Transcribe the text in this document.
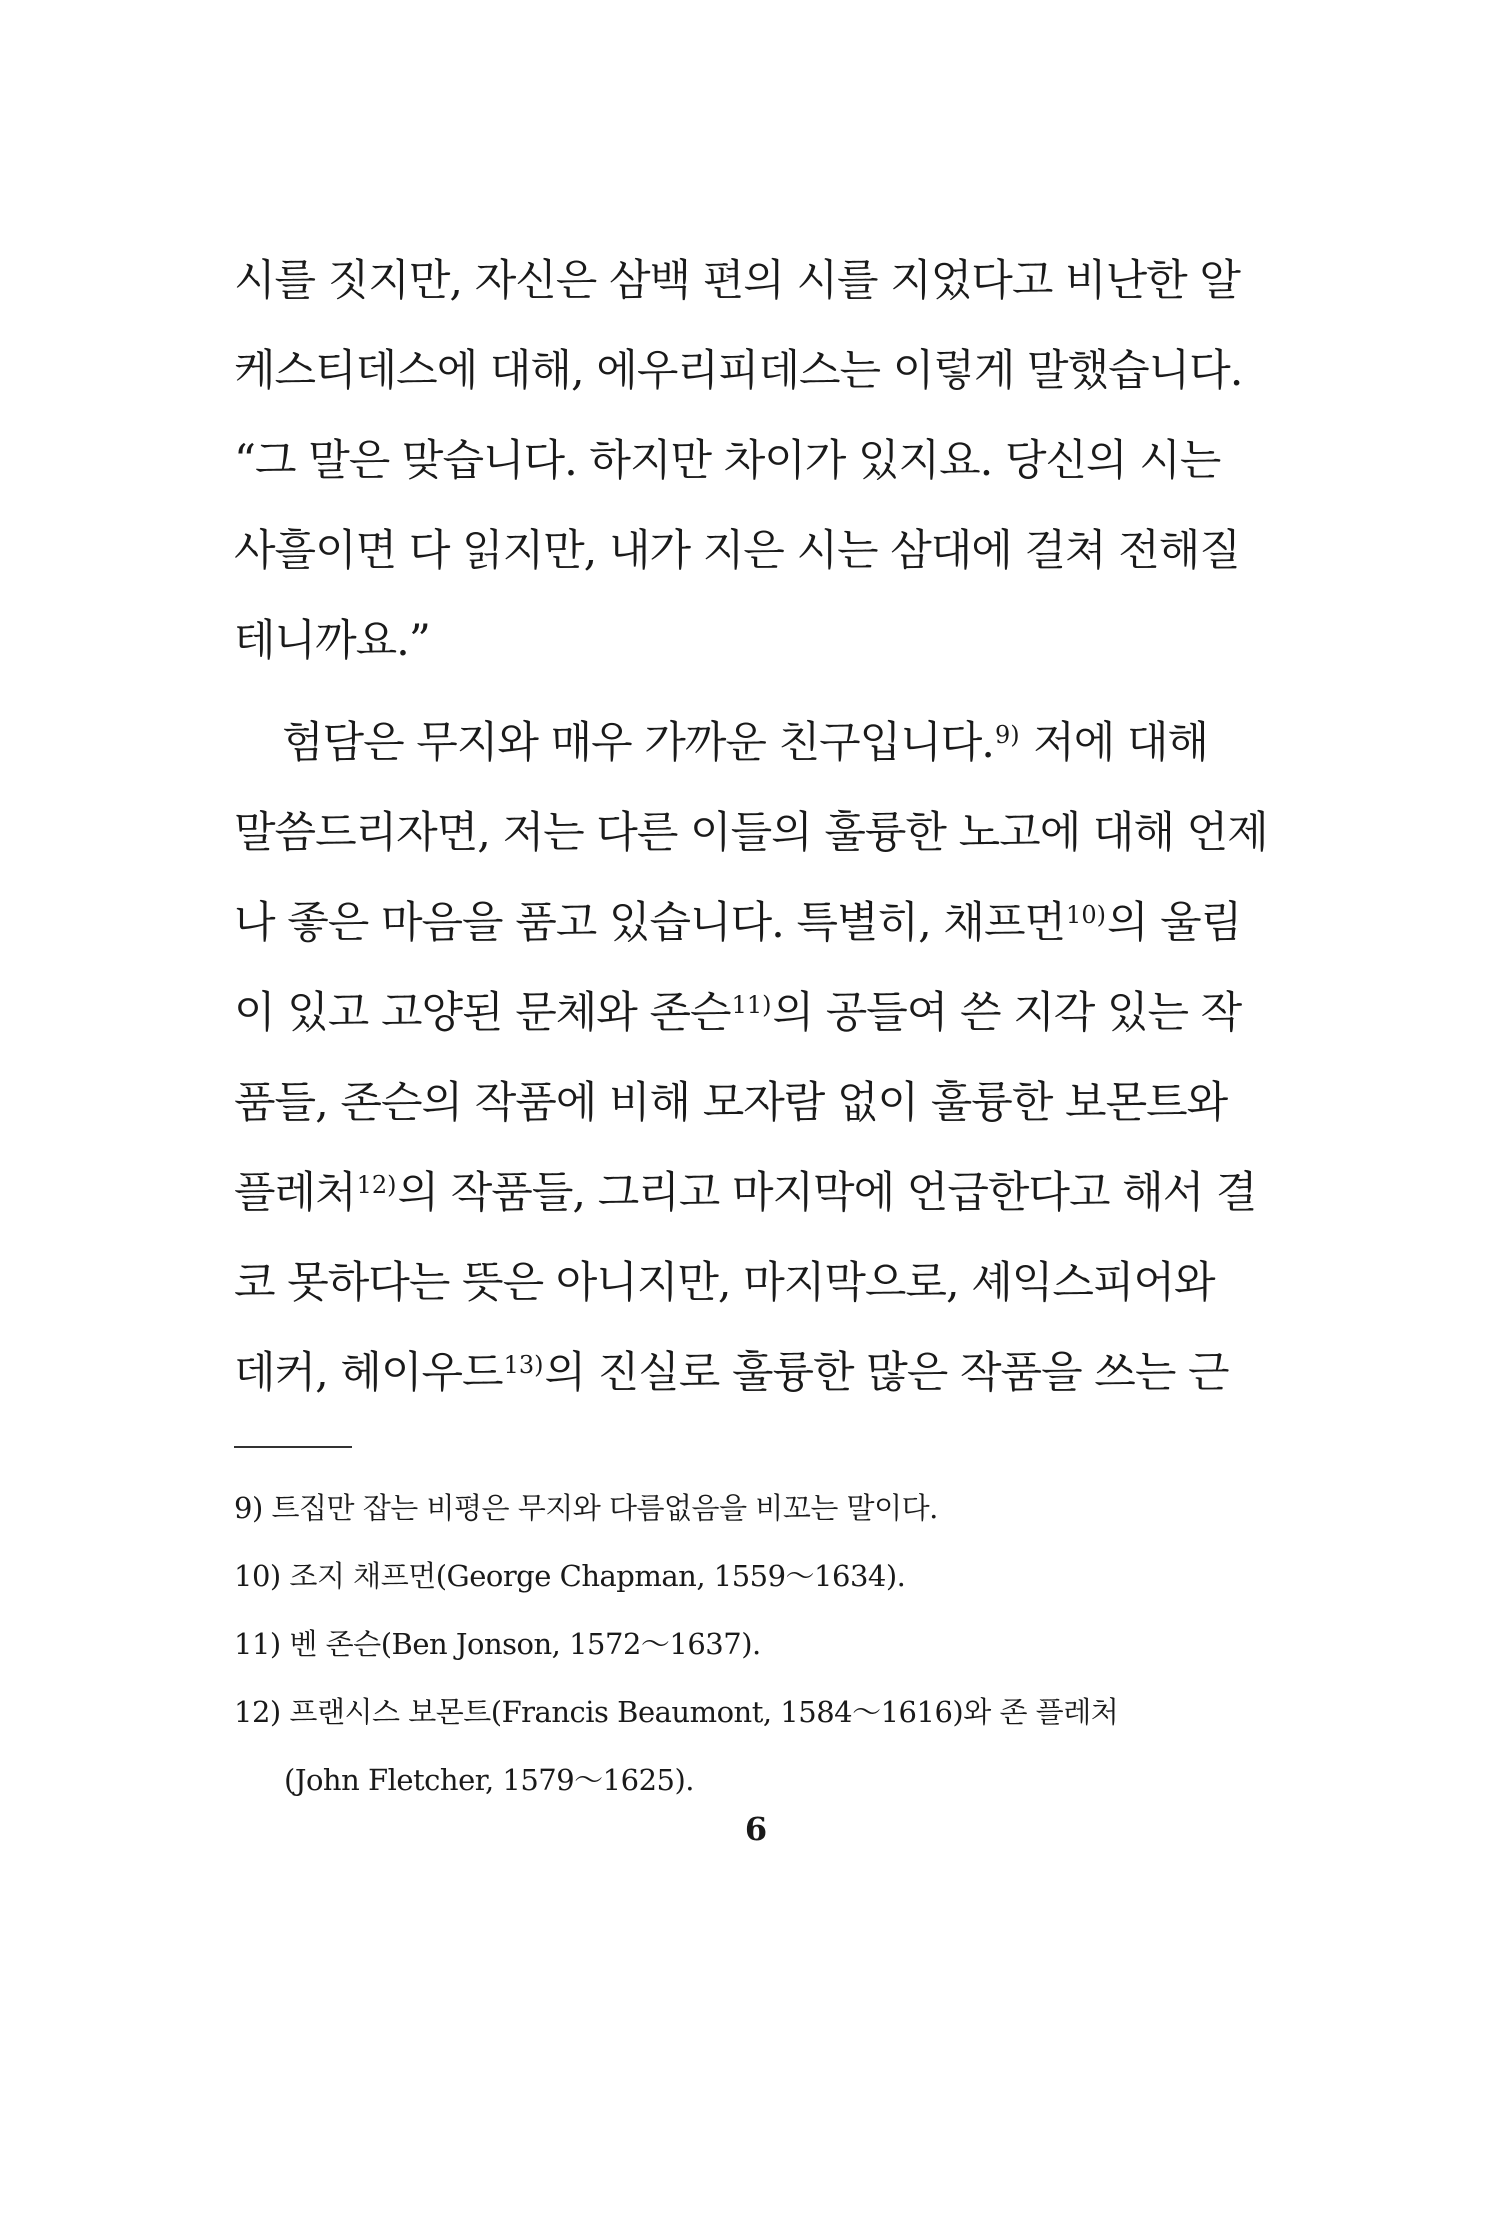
시를 짓지만, 자신은 삼백 편의 시를 지었다고 비난한 알
케스티데스에 대해, 에우리피데스는 이렇게 말했습니다.
“그 말은 맞습니다. 하지만 차이가 있지요. 당신의 시는
사흘이면 다 읽지만, 내가 지은 시는 삼대에 걸쳐 전해질
테니까요.”
험담은 무지와 매우 가까운 친구입니다.$^{9)}$ 저에 대해
말씀드리자면, 저는 다른 이들의 훌륭한 노고에 대해 언제
나 좋은 마음을 품고 있습니다. 특별히, 채프먼$^{10)}$의 울림
이 있고 고양된 문체와 존슨$^{11)}$의 공들여 쓴 지각 있는 작
품들, 존슨의 작품에 비해 모자람 없이 훌륭한 보몬트와
플레처$^{12)}$의 작품들, 그리고 마지막에 언급한다고 해서 결
코 못하다는 뜻은 아니지만, 마지막으로, 셰익스피어와
데커, 헤이우드$^{13)}$의 진실로 훌륭한 많은 작품을 쓰는 근
9) 트집만 잡는 비평은 무지와 다름없음을 비꼬는 말이다.
10) 조지 채프먼(George Chapman, 1559～1634).
11) 벤 존슨(Ben Jonson, 1572～1637).
12) 프랜시스 보몬트(Francis Beaumont, 1584～1616)와 존 플레처
(John Fletcher, 1579～1625).
6
